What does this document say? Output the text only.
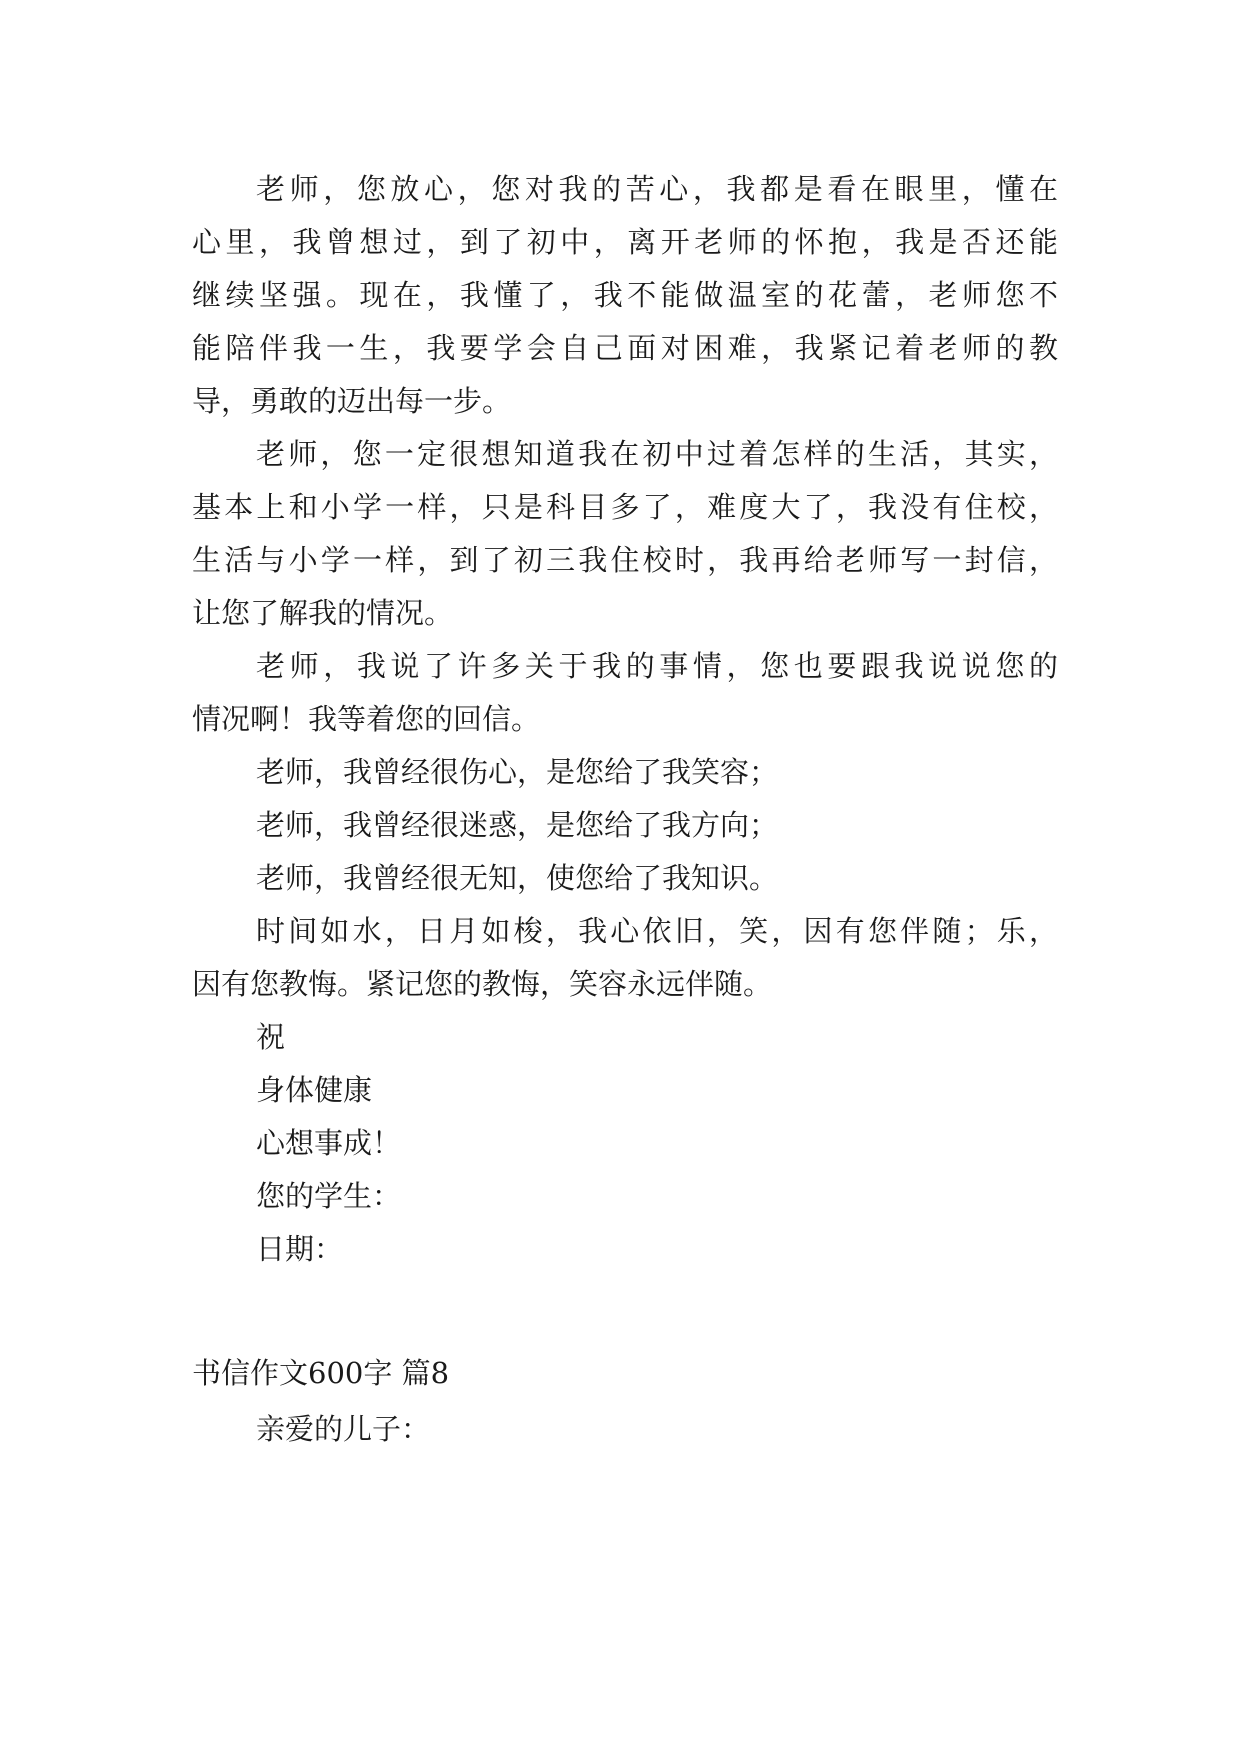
老师，您放心，您对我的苦心，我都是看在眼里，懂在
心里，我曾想过，到了初中，离开老师的怀抱，我是否还能
继续坚强。现在，我懂了，我不能做温室的花蕾，老师您不
能陪伴我一生，我要学会自己面对困难，我紧记着老师的教
导，勇敢的迈出每一步。
老师，您一定很想知道我在初中过着怎样的生活，其实，
基本上和小学一样，只是科目多了，难度大了，我没有住校，
生活与小学一样，到了初三我住校时，我再给老师写一封信，
让您了解我的情况。
老师，我说了许多关于我的事情，您也要跟我说说您的
情况啊！我等着您的回信。
老师，我曾经很伤心，是您给了我笑容；
老师，我曾经很迷惑，是您给了我方向；
老师，我曾经很无知，使您给了我知识。
时间如水，日月如梭，我心依旧，笑，因有您伴随；乐，
因有您教悔。紧记您的教悔，笑容永远伴随。
祝
身体健康
心想事成！
您的学生：
日期：
书信作文600字 篇8
亲爱的儿子：
